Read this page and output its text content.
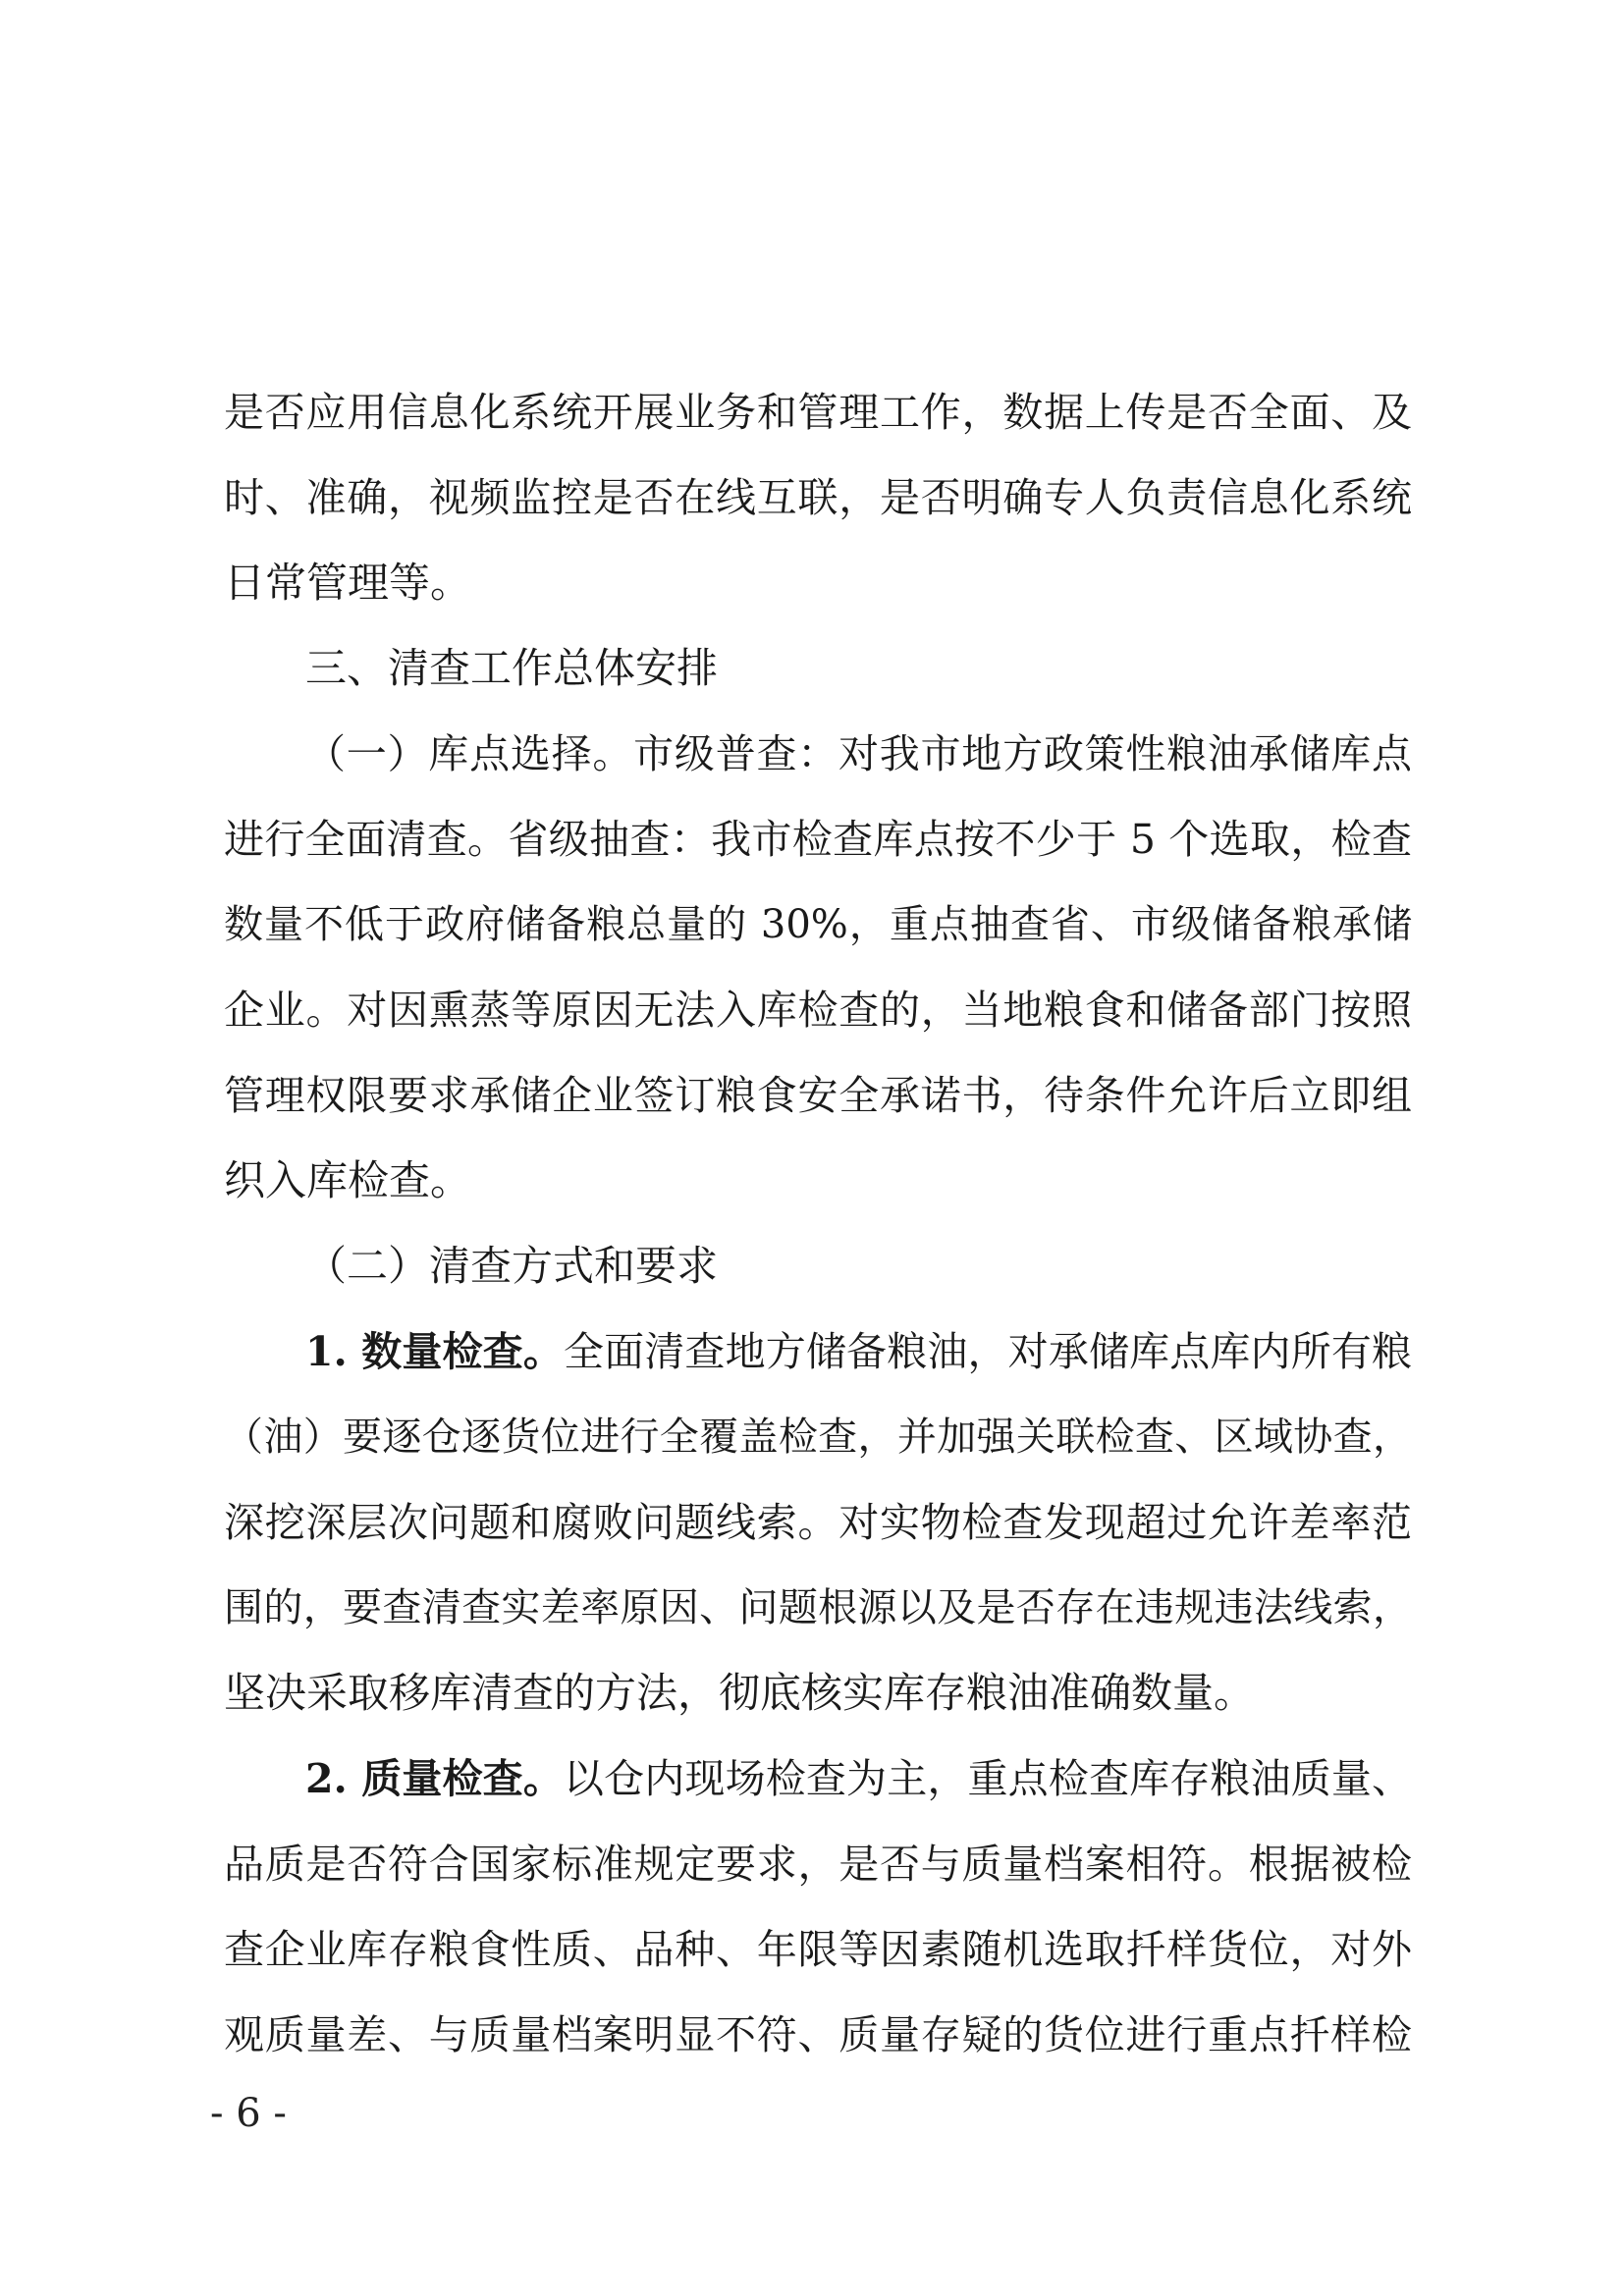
是否应用信息化系统开展业务和管理工作，数据上传是否全面、及
时、准确，视频监控是否在线互联，是否明确专人负责信息化系统
日常管理等。
三、清查工作总体安排
（一）库点选择。市级普查：对我市地方政策性粮油承储库点
进行全面清查。省级抽查：我市检查库点按不少于 5 个选取，检查
数量不低于政府储备粮总量的 30%，重点抽查省、市级储备粮承储
企业。对因熏蒸等原因无法入库检查的，当地粮食和储备部门按照
管理权限要求承储企业签订粮食安全承诺书，待条件允许后立即组
织入库检查。
（二）清查方式和要求
1. 数量检查。全面清查地方储备粮油，对承储库点库内所有粮
（油）要逐仓逐货位进行全覆盖检查，并加强关联检查、区域协查，
深挖深层次问题和腐败问题线索。对实物检查发现超过允许差率范
围的，要查清查实差率原因、问题根源以及是否存在违规违法线索，
坚决采取移库清查的方法，彻底核实库存粮油准确数量。
2. 质量检查。以仓内现场检查为主，重点检查库存粮油质量、
品质是否符合国家标准规定要求，是否与质量档案相符。根据被检
查企业库存粮食性质、品种、年限等因素随机选取扦样货位，对外
观质量差、与质量档案明显不符、质量存疑的货位进行重点扦样检
- 6 -
